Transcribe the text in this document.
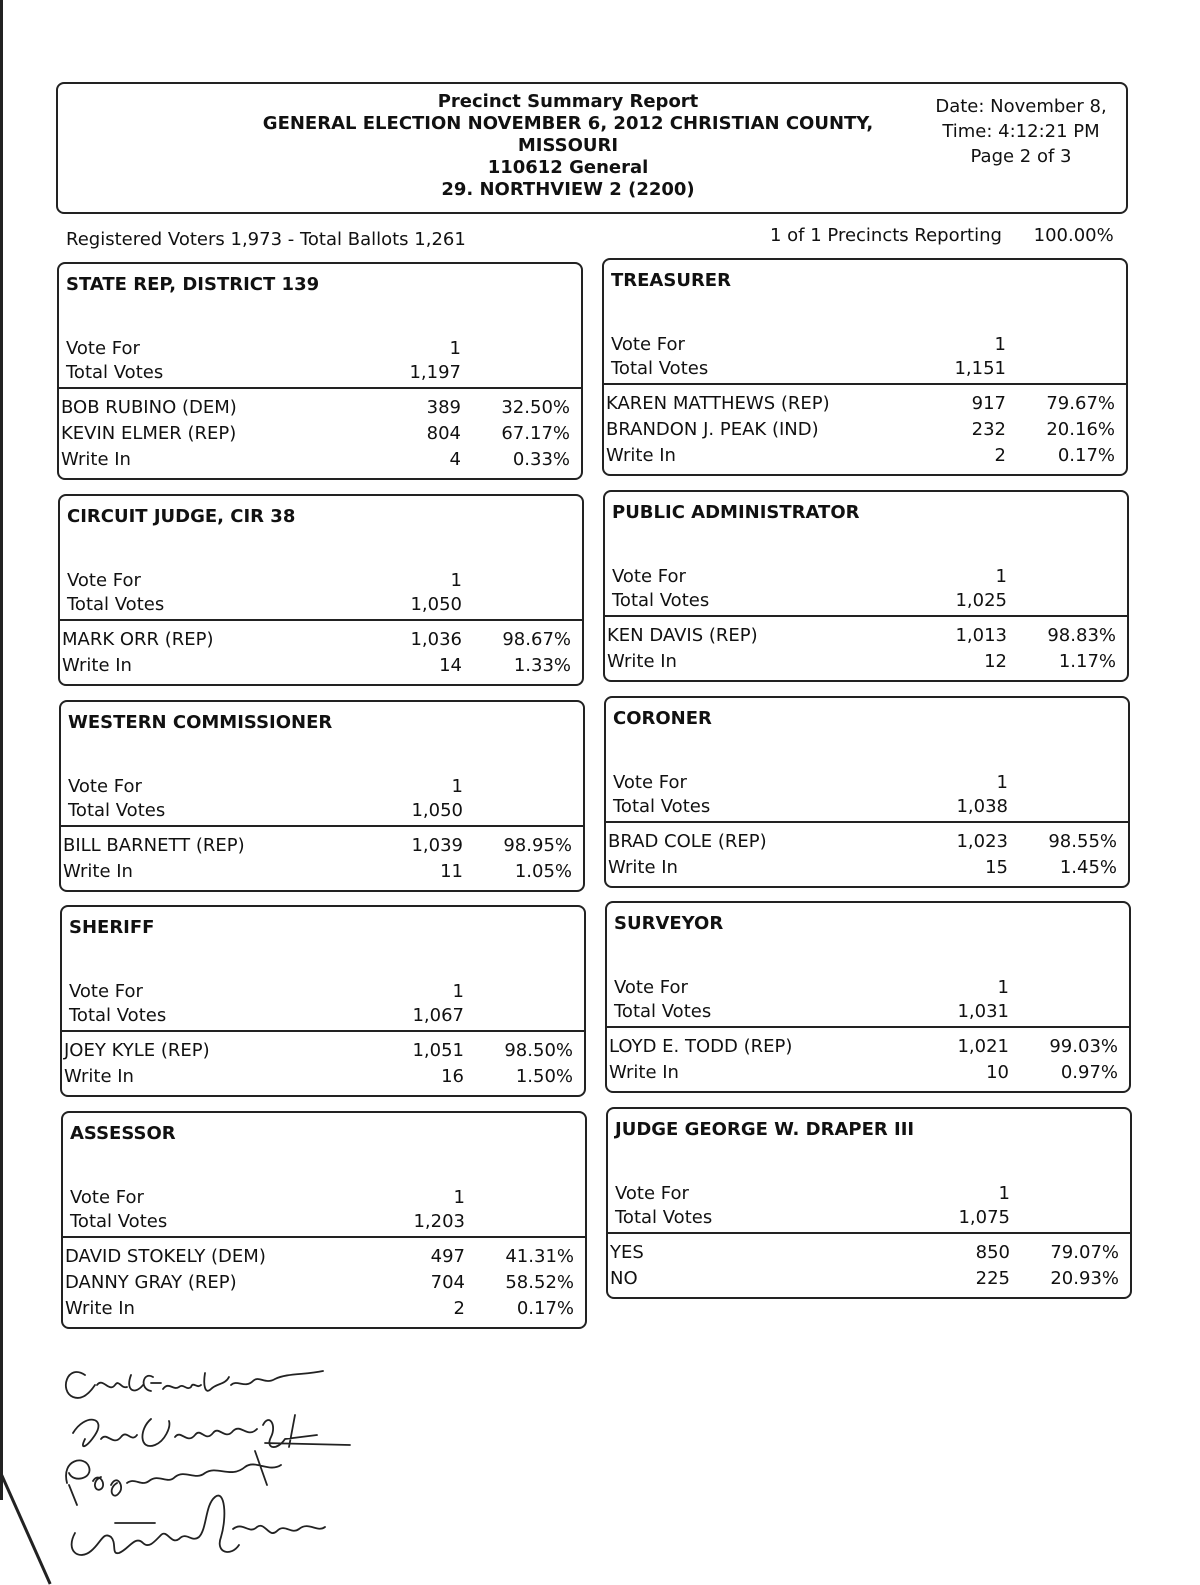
Precinct Summary Report
GENERAL ELECTION NOVEMBER 6, 2012 CHRISTIAN COUNTY,
MISSOURI
110612 General
29. NORTHVIEW 2 (2200)
Date: November 8,
Time: 4:12:21 PM
Page 2 of 3
Registered Voters 1,973 - Total Ballots 1,261	1 of 1 Precincts Reporting 100.00%
STATE REP, DISTRICT 139
Vote For	1
Total Votes	1,197
BOB RUBINO (DEM)	389 32.50%
KEVIN ELMER (REP)	804 67.17%
Write In	4	0.33%
TREASURER
Vote For	1
Total Votes	1,151
KAREN MATTHEWS (REP)	917 79.67%
BRANDON J. PEAK (IND)	232 20.16%
Write In	2	0.17%
CIRCUIT JUDGE, CIR 38
Vote For	1
Total Votes	1,050
MARK ORR (REP)	1,036 98.67%
Write In	14	1.33%
PUBLIC ADMINISTRATOR
Vote For	1
Total Votes	1,025
KEN DAVIS (REP)	1,013 98.83%
Write In	12	1.17%
WESTERN COMMISSIONER
Vote For	1
Total Votes	1,050
BILL BARNETT (REP)	1,039 98.95%
Write In	11	1.05%
CORONER
Vote For	1
Total Votes	1,038
BRAD COLE (REP)	1,023 98.55%
Write In	15	1.45%
SHERIFF
Vote For	1
Total Votes	1,067
JOEY KYLE (REP)	1,051 98.50%
Write In	16	1.50%
SURVEYOR
Vote For	1
Total Votes	1,031
LOYD E. TODD (REP)	1,021 99.03%
Write In	10	0.97%
ASSESSOR
Vote For	1
Total Votes	1,203
DAVID STOKELY (DEM)	497 41.31%
DANNY GRAY (REP)	704 58.52%
Write In	2	0.17%
JUDGE GEORGE W. DRAPER III
Vote For	1
Total Votes	1,075
YES	850 79.07%
NO	225 20.93%
